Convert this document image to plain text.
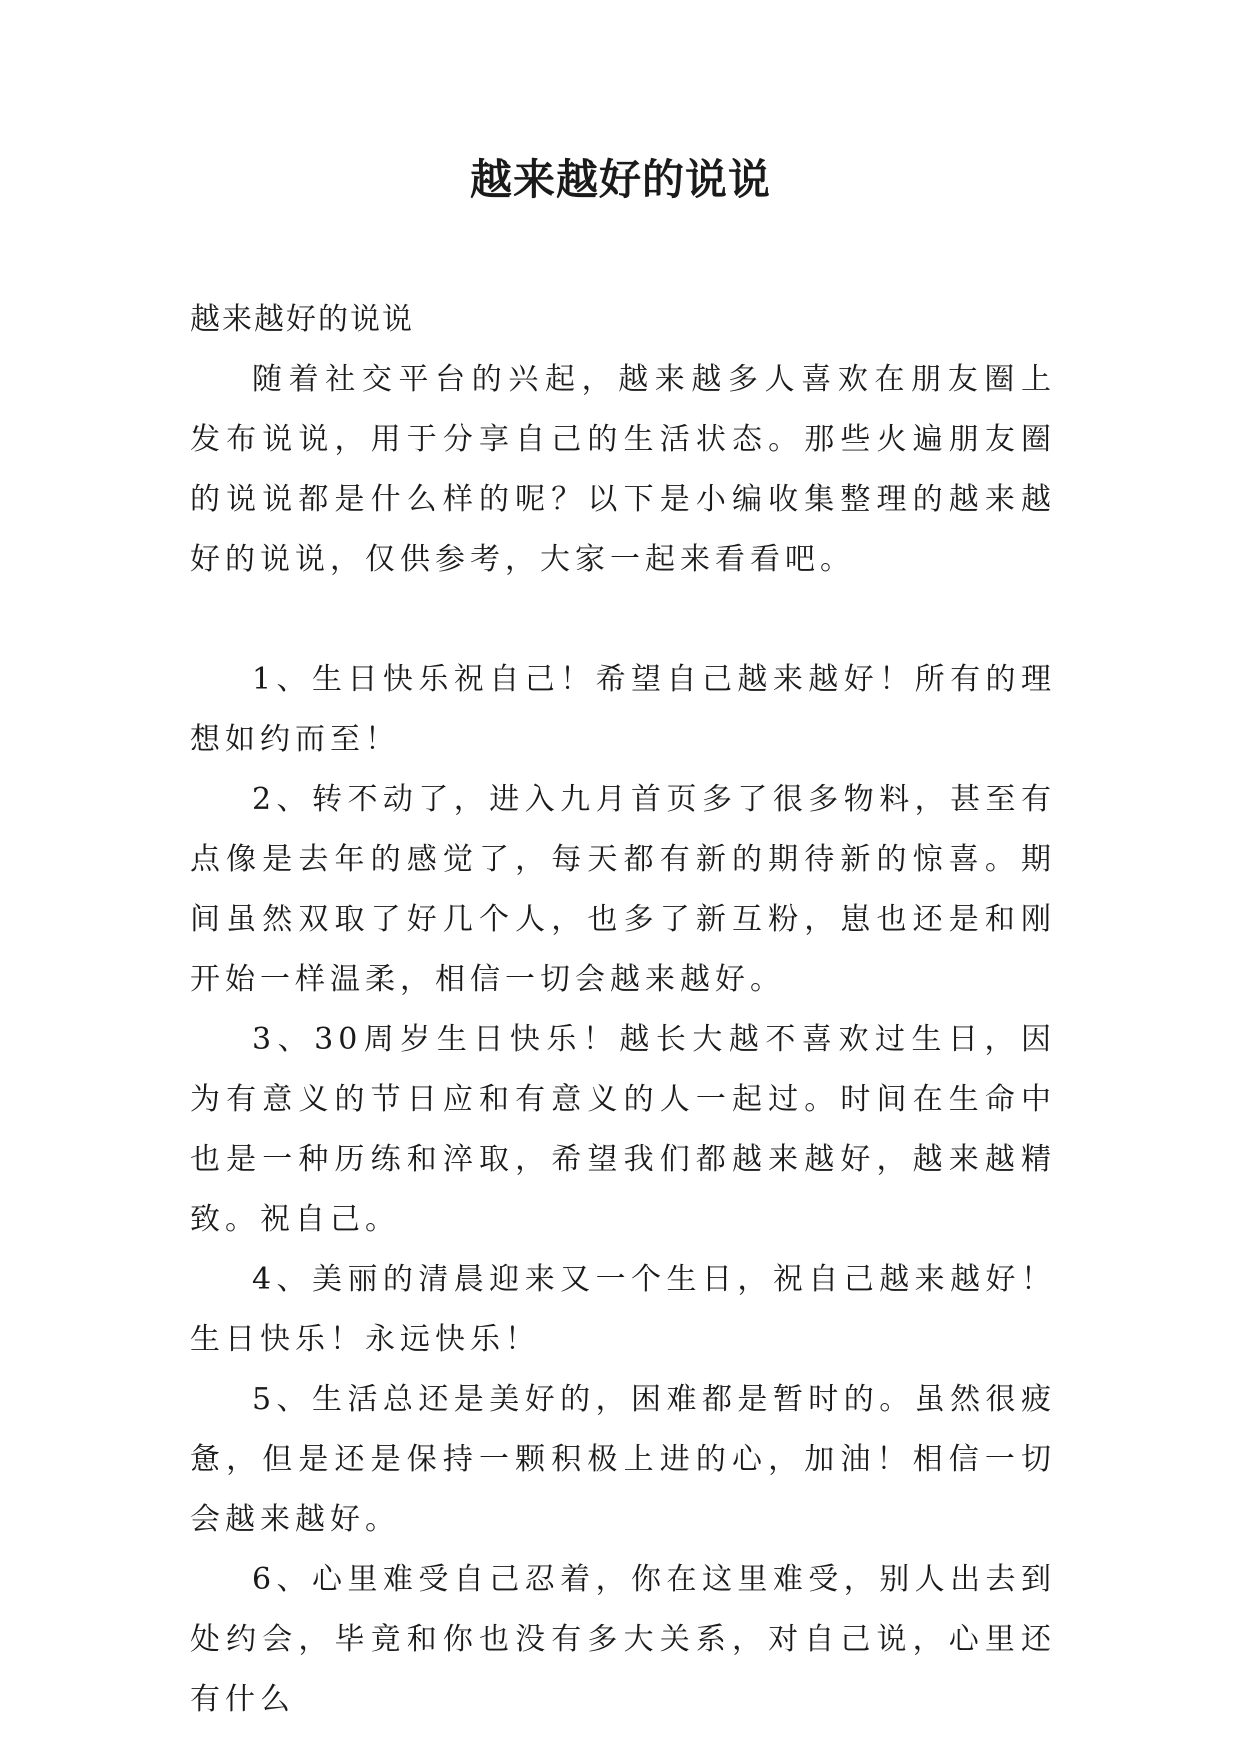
越来越好的说说

越来越好的说说

随着社交平台的兴起，越来越多人喜欢在朋友圈上发布说说，用于分享自己的生活状态。那些火遍朋友圈的说说都是什么样的呢？以下是小编收集整理的越来越好的说说，仅供参考，大家一起来看看吧。

1、生日快乐祝自己！希望自己越来越好！所有的理想如约而至！

2、转不动了，进入九月首页多了很多物料，甚至有点像是去年的感觉了，每天都有新的期待新的惊喜。期间虽然双取了好几个人，也多了新互粉，崽也还是和刚开始一样温柔，相信一切会越来越好。

3、30周岁生日快乐！越长大越不喜欢过生日，因为有意义的节日应和有意义的人一起过。时间在生命中也是一种历练和淬取，希望我们都越来越好，越来越精致。祝自己。

4、美丽的清晨迎来又一个生日，祝自己越来越好！生日快乐！永远快乐！

5、生活总还是美好的，困难都是暂时的。虽然很疲惫，但是还是保持一颗积极上进的心，加油！相信一切会越来越好。

6、心里难受自己忍着，你在这里难受，别人出去到处约会，毕竟和你也没有多大关系，对自己说，心里还有什么
